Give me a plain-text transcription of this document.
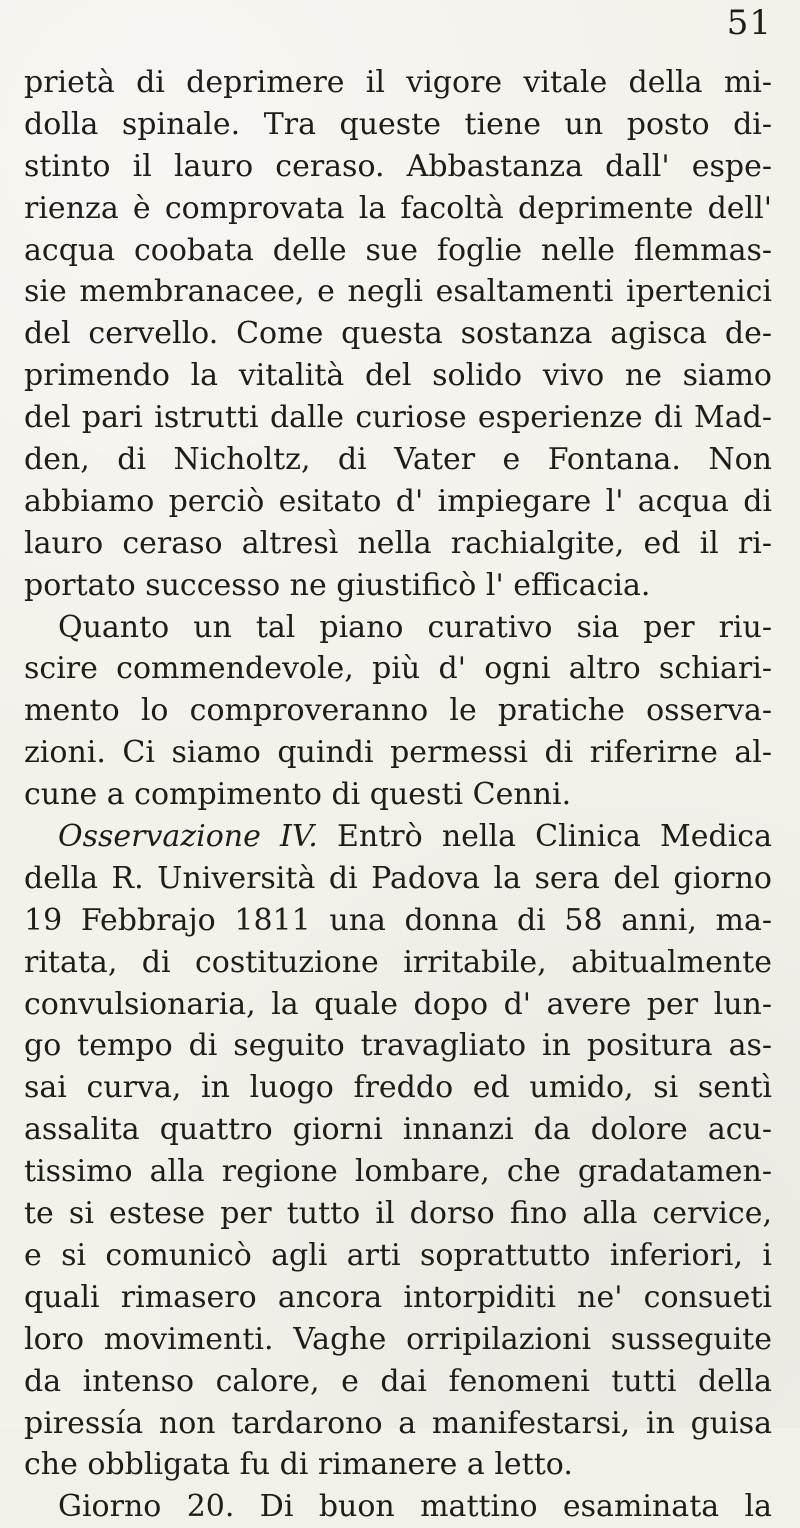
51
prietà di deprimere il vigore vitale della mi-
dolla spinale. Tra queste tiene un posto di-
stinto il lauro ceraso. Abbastanza dall' espe-
rienza è comprovata la facoltà deprimente dell'
acqua coobata delle sue foglie nelle flemmas-
sie membranacee, e negli esaltamenti ipertenici
del cervello. Come questa sostanza agisca de-
primendo la vitalità del solido vivo ne siamo
del pari istrutti dalle curiose esperienze di Mad-
den, di Nicholtz, di Vater e Fontana. Non
abbiamo perciò esitato d' impiegare l' acqua di
lauro ceraso altresì nella rachialgite, ed il ri-
portato successo ne giustificò l' efficacia.
Quanto un tal piano curativo sia per riu-
scire commendevole, più d' ogni altro schiari-
mento lo comproveranno le pratiche osserva-
zioni. Ci siamo quindi permessi di riferirne al-
cune a compimento di questi Cenni.
Osservazione IV. Entrò nella Clinica Medica
della R. Università di Padova la sera del giorno
19 Febbrajo 1811 una donna di 58 anni, ma-
ritata, di costituzione irritabile, abitualmente
convulsionaria, la quale dopo d' avere per lun-
go tempo di seguito travagliato in positura as-
sai curva, in luogo freddo ed umido, si sentì
assalita quattro giorni innanzi da dolore acu-
tissimo alla regione lombare, che gradatamen-
te si estese per tutto il dorso fino alla cervice,
e si comunicò agli arti soprattutto inferiori, i
quali rimasero ancora intorpiditi ne' consueti
loro movimenti. Vaghe orripilazioni susseguite
da intenso calore, e dai fenomeni tutti della
piressía non tardarono a manifestarsi, in guisa
che obbligata fu di rimanere a letto.
Giorno 20. Di buon mattino esaminata la
